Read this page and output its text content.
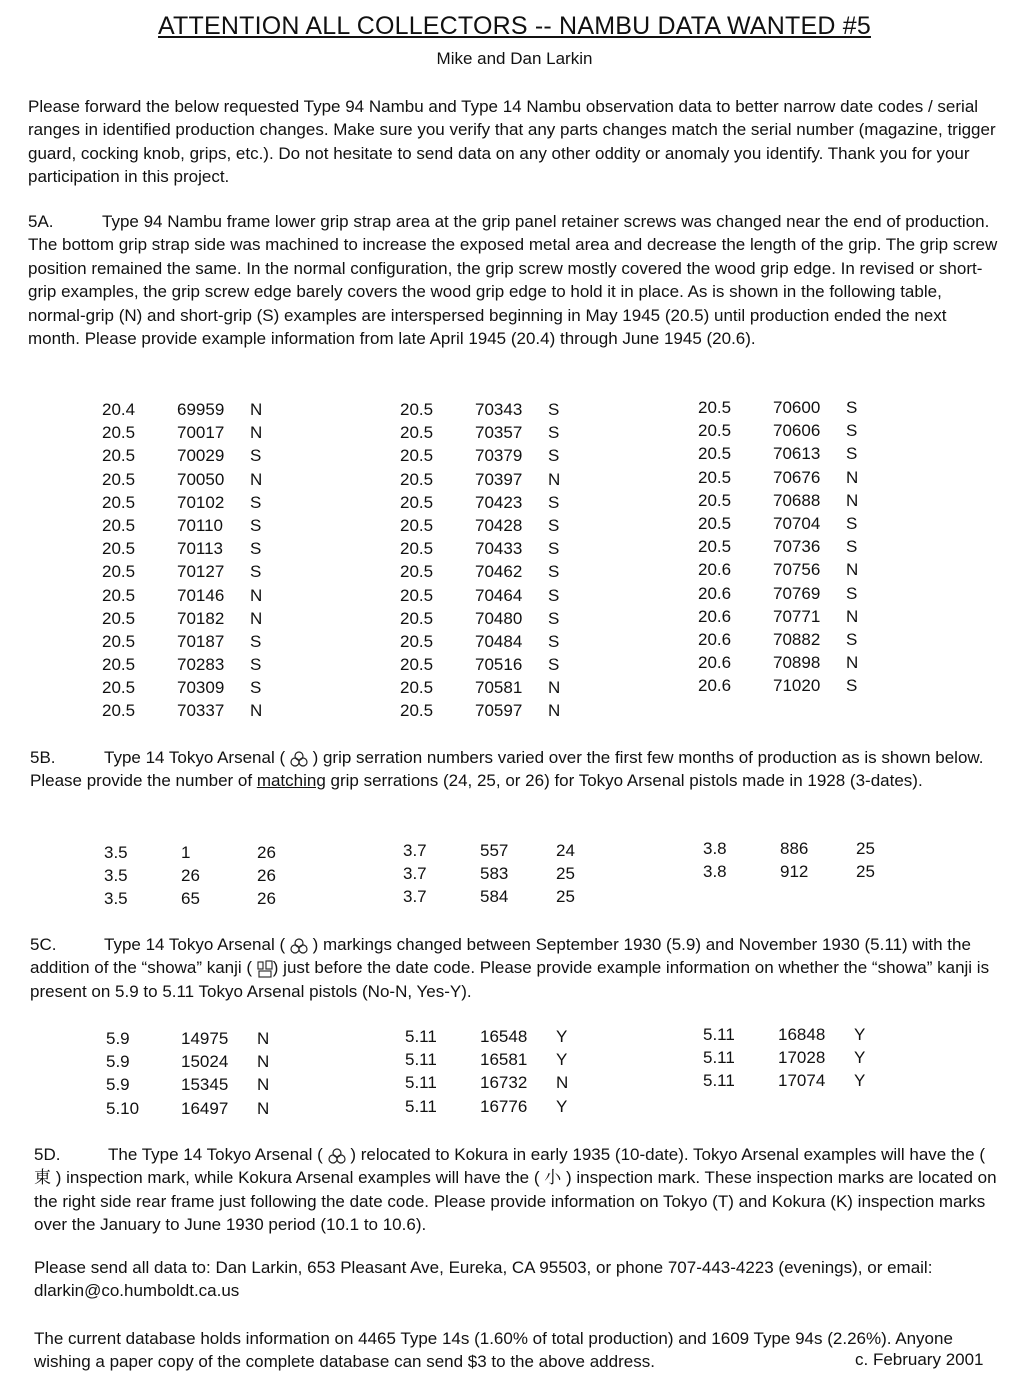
ATTENTION ALL COLLECTORS -- NAMBU DATA WANTED #5
Mike and Dan Larkin

Please forward the below requested Type 94 Nambu and Type 14 Nambu observation data to better narrow date codes / serial ranges in identified production changes. Make sure you verify that any parts changes match the serial number (magazine, trigger guard, cocking knob, grips, etc.). Do not hesitate to send data on any other oddity or anomaly you identify. Thank you for your participation in this project.

5A.	Type 94 Nambu frame lower grip strap area at the grip panel retainer screws was changed near the end of production. The bottom grip strap side was machined to increase the exposed metal area and decrease the length of the grip. The grip screw position remained the same. In the normal configuration, the grip screw mostly covered the wood grip edge. In revised or short-grip examples, the grip screw edge barely covers the wood grip edge to hold it in place. As is shown in the following table, normal-grip (N) and short-grip (S) examples are interspersed beginning in May 1945 (20.5) until production ended the next month. Please provide example information from late April 1945 (20.4) through June 1945 (20.6).

20.4 69959 N
20.5 70017 N
20.5 70029 S
20.5 70050 N
20.5 70102 S
20.5 70110 S
20.5 70113 S
20.5 70127 S
20.5 70146 N
20.5 70182 N
20.5 70187 S
20.5 70283 S
20.5 70309 S
20.5 70337 N
20.5 70343 S
20.5 70357 S
20.5 70379 S
20.5 70397 N
20.5 70423 S
20.5 70428 S
20.5 70433 S
20.5 70462 S
20.5 70464 S
20.5 70480 S
20.5 70484 S
20.5 70516 S
20.5 70581 N
20.5 70597 N
20.5 70600 S
20.5 70606 S
20.5 70613 S
20.5 70676 N
20.5 70688 N
20.5 70704 S
20.5 70736 S
20.6 70756 N
20.6 70769 S
20.6 70771 N
20.6 70882 S
20.6 70898 N
20.6 71020 S

5B.	Type 14 Tokyo Arsenal ( ) grip serration numbers varied over the first few months of production as is shown below. Please provide the number of matching grip serrations (24, 25, or 26) for Tokyo Arsenal pistols made in 1928 (3-dates).

3.5	1	26
3.5	26	26
3.5	65	26
3.7	557	24
3.7	583	25
3.7	584	25
3.8	886	25
3.8	912	25

5C.	Type 14 Tokyo Arsenal ( ) markings changed between September 1930 (5.9) and November 1930 (5.11) with the addition of the “showa” kanji ( ) just before the date code. Please provide example information on whether the “showa” kanji is present on 5.9 to 5.11 Tokyo Arsenal pistols (No-N, Yes-Y).

5.9	14975 N
5.9	15024 N
5.9	15345 N
5.10 16497 N
5.11	16548 Y
5.11	16581 Y
5.11	16732 N
5.11	16776 Y
5.11	16848 Y
5.11	17028 Y
5.11	17074 Y

5D.	The Type 14 Tokyo Arsenal ( ) relocated to Kokura in early 1935 (10-date). Tokyo Arsenal examples will have the ( 東 ) inspection mark, while Kokura Arsenal examples will have the ( 小 ) inspection mark. These inspection marks are located on the right side rear frame just following the date code. Please provide information on Tokyo (T) and Kokura (K) inspection marks over the January to June 1930 period (10.1 to 10.6).

Please send all data to: Dan Larkin, 653 Pleasant Ave, Eureka, CA 95503, or phone 707-443-4223 (evenings), or email: dlarkin@co.humboldt.ca.us

The current database holds information on 4465 Type 14s (1.60% of total production) and 1609 Type 94s (2.26%). Anyone wishing a paper copy of the complete database can send $3 to the above address.	c. February 2001
